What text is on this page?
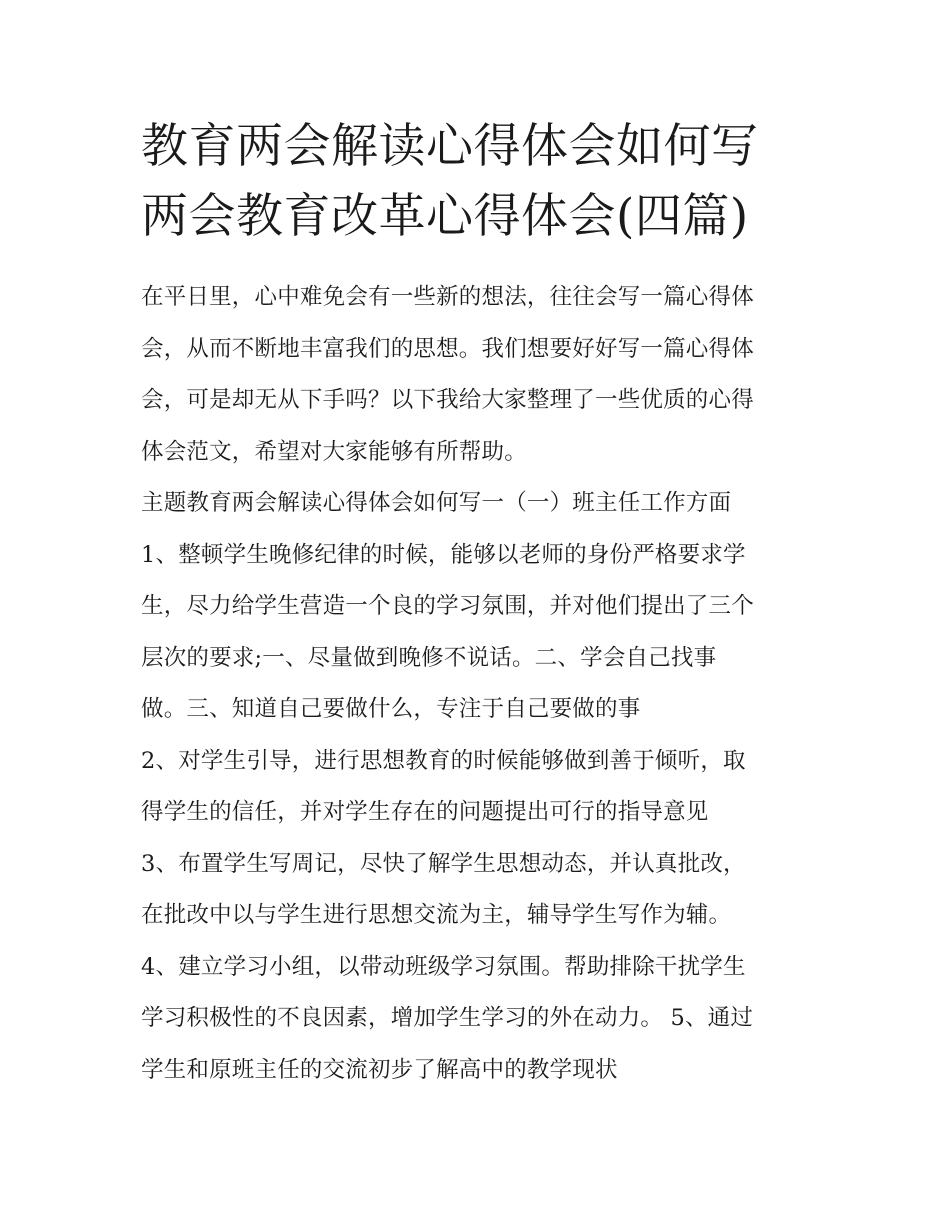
教育两会解读心得体会如何写
两会教育改革心得体会(四篇)

在平日里，心中难免会有一些新的想法，往往会写一篇心得体
会，从而不断地丰富我们的思想。我们想要好好写一篇心得体
会，可是却无从下手吗？以下我给大家整理了一些优质的心得
体会范文，希望对大家能够有所帮助。

主题教育两会解读心得体会如何写一（一）班主任工作方面

1、整顿学生晚修纪律的时候，能够以老师的身份严格要求学
生，尽力给学生营造一个良的学习氛围，并对他们提出了三个
层次的要求;一、尽量做到晚修不说话。二、学会自己找事
做。三、知道自己要做什么，专注于自己要做的事

2、对学生引导，进行思想教育的时候能够做到善于倾听，取
得学生的信任，并对学生存在的问题提出可行的指导意见

3、布置学生写周记，尽快了解学生思想动态，并认真批改，
在批改中以与学生进行思想交流为主，辅导学生写作为辅。

4、建立学习小组，以带动班级学习氛围。帮助排除干扰学生
学习积极性的不良因素，增加学生学习的外在动力。 5、通过
学生和原班主任的交流初步了解高中的教学现状
